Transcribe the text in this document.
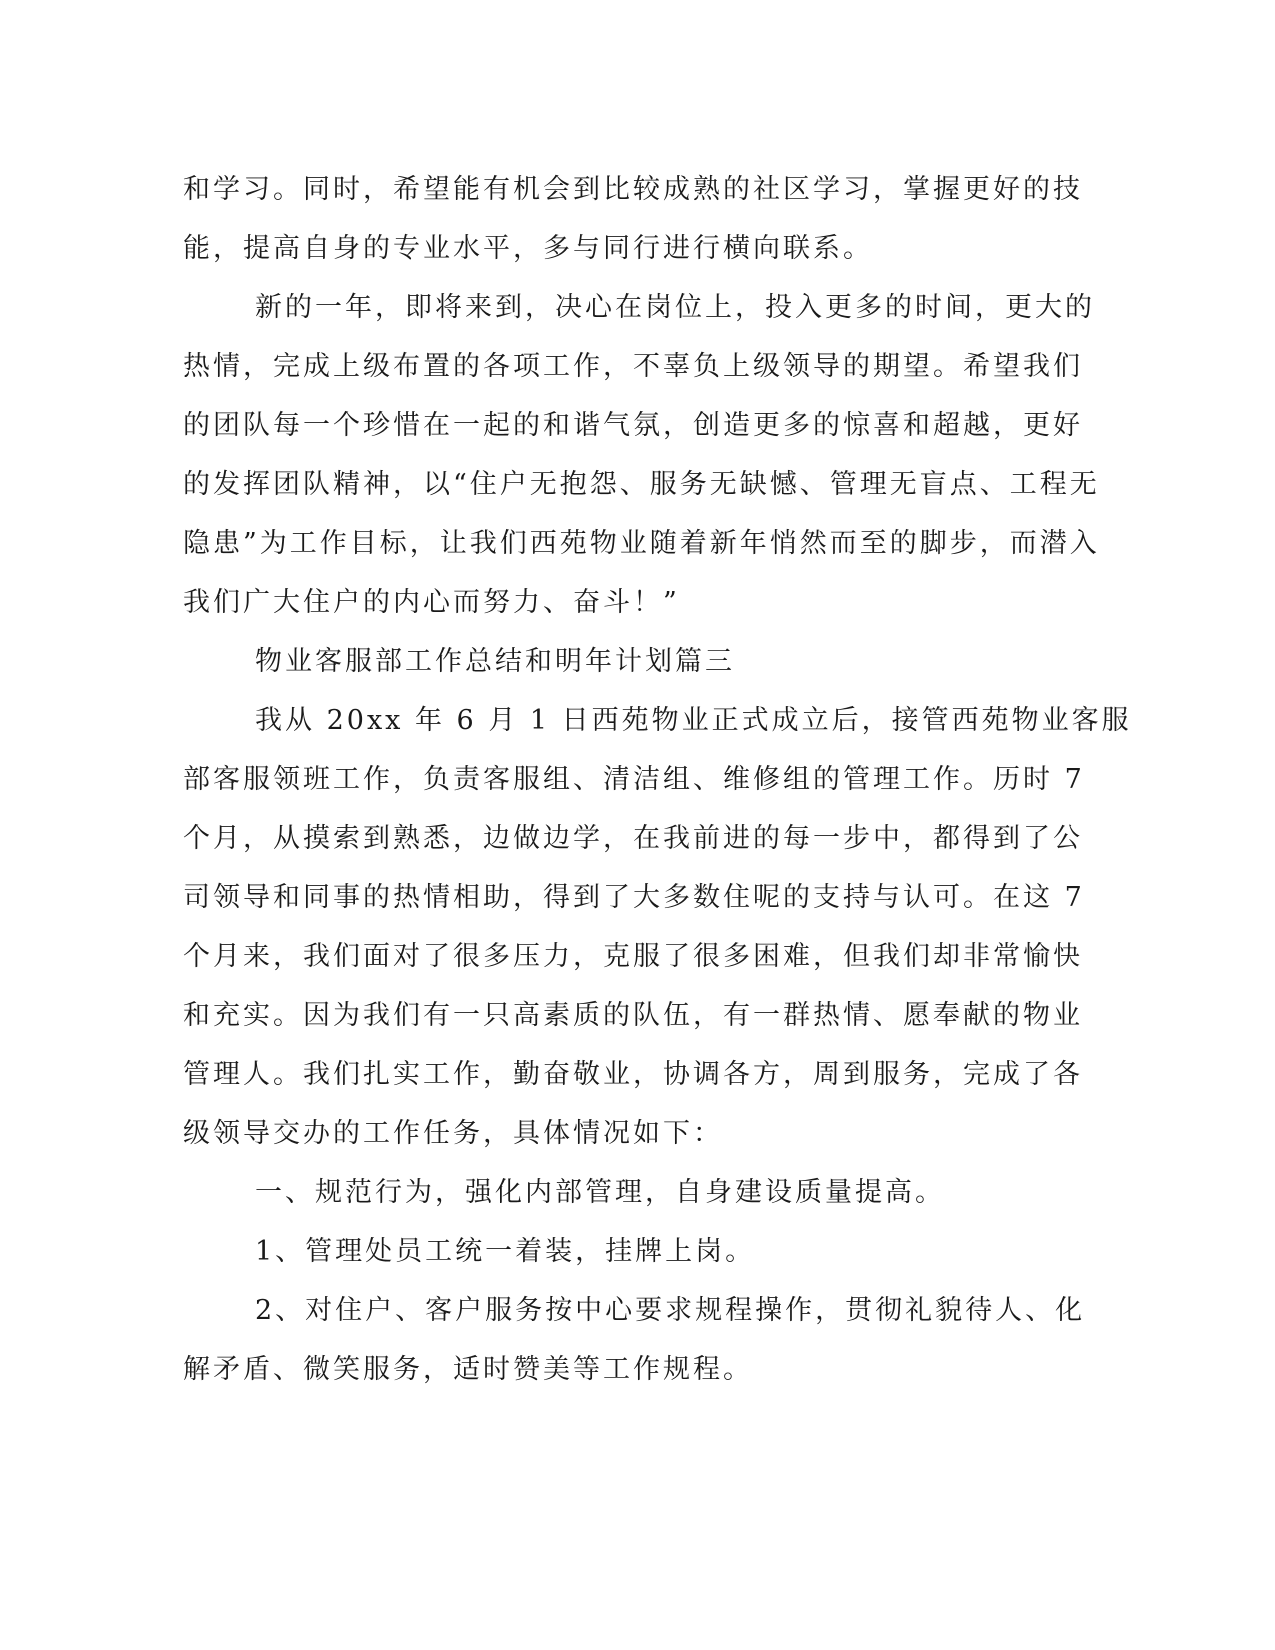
和学习。同时，希望能有机会到比较成熟的社区学习，掌握更好的技
能，提高自身的专业水平，多与同行进行横向联系。
新的一年，即将来到，决心在岗位上，投入更多的时间，更大的
热情，完成上级布置的各项工作，不辜负上级领导的期望。希望我们
的团队每一个珍惜在一起的和谐气氛，创造更多的惊喜和超越，更好
的发挥团队精神，以“住户无抱怨、服务无缺憾、管理无盲点、工程无
隐患”为工作目标，让我们西苑物业随着新年悄然而至的脚步，而潜入
我们广大住户的内心而努力、奋斗！”
物业客服部工作总结和明年计划篇三
我从 20xx 年 6 月 1 日西苑物业正式成立后，接管西苑物业客服
部客服领班工作，负责客服组、清洁组、维修组的管理工作。历时 7
个月，从摸索到熟悉，边做边学，在我前进的每一步中，都得到了公
司领导和同事的热情相助，得到了大多数住呢的支持与认可。在这 7
个月来，我们面对了很多压力，克服了很多困难，但我们却非常愉快
和充实。因为我们有一只高素质的队伍，有一群热情、愿奉献的物业
管理人。我们扎实工作，勤奋敬业，协调各方，周到服务，完成了各
级领导交办的工作任务，具体情况如下：
一、规范行为，强化内部管理，自身建设质量提高。
1、管理处员工统一着装，挂牌上岗。
2、对住户、客户服务按中心要求规程操作，贯彻礼貌待人、化
解矛盾、微笑服务，适时赞美等工作规程。
